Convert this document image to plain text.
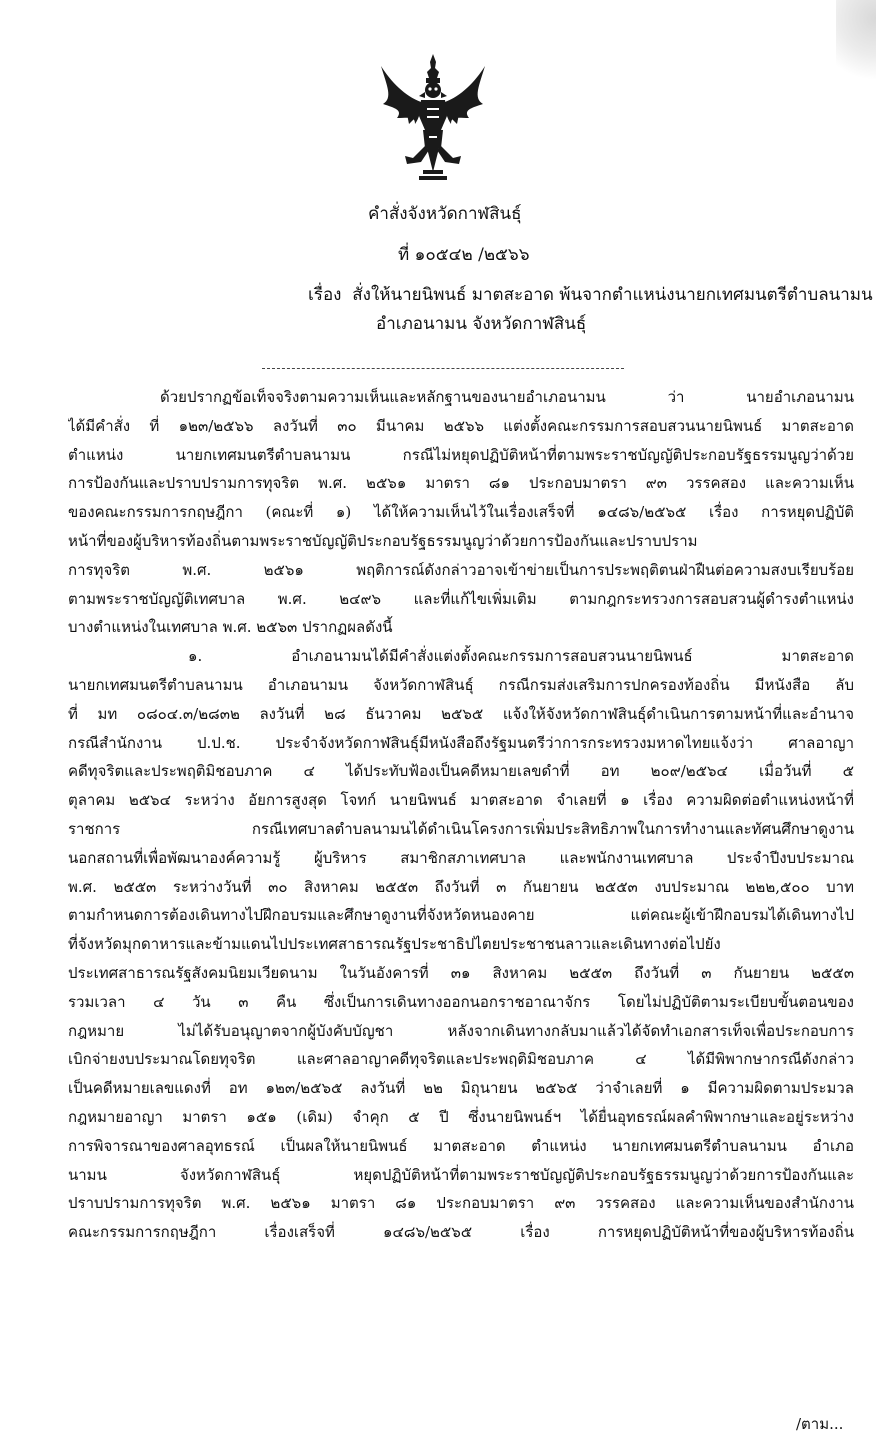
คำสั่งจังหวัดกาฬสินธุ์
ที่ ๑๐๕๔๒ /๒๕๖๖
เรื่อง สั่งให้นายนิพนธ์ มาตสะอาด พ้นจากตำแหน่งนายกเทศมนตรีตำบลนามน
อำเภอนามน จังหวัดกาฬสินธุ์
ด้วยปรากฏข้อเท็จจริงตามความเห็นและหลักฐานของนายอำเภอนามน ว่า นายอำเภอนามน
ได้มีคำสั่ง ที่ ๑๒๓/๒๕๖๖ ลงวันที่ ๓๐ มีนาคม ๒๕๖๖ แต่งตั้งคณะกรรมการสอบสวนนายนิพนธ์ มาตสะอาด
ตำแหน่ง นายกเทศมนตรีตำบลนามน กรณีไม่หยุดปฏิบัติหน้าที่ตามพระราชบัญญัติประกอบรัฐธรรมนูญว่าด้วย
การป้องกันและปราบปรามการทุจริต พ.ศ. ๒๕๖๑ มาตรา ๘๑ ประกอบมาตรา ๙๓ วรรคสอง และความเห็น
ของคณะกรรมการกฤษฎีกา (คณะที่ ๑) ได้ให้ความเห็นไว้ในเรื่องเสร็จที่ ๑๔๘๖/๒๕๖๕ เรื่อง การหยุดปฏิบัติ
หน้าที่ของผู้บริหารท้องถิ่นตามพระราชบัญญัติประกอบรัฐธรรมนูญว่าด้วยการป้องกันและปราบปราม
การทุจริต พ.ศ. ๒๕๖๑ พฤติการณ์ดังกล่าวอาจเข้าข่ายเป็นการประพฤติตนฝ่าฝืนต่อความสงบเรียบร้อย
ตามพระราชบัญญัติเทศบาล พ.ศ. ๒๔๙๖ และที่แก้ไขเพิ่มเติม ตามกฎกระทรวงการสอบสวนผู้ดำรงตำแหน่ง
บางตำแหน่งในเทศบาล พ.ศ. ๒๕๖๓ ปรากฏผลดังนี้
๑. อำเภอนามนได้มีคำสั่งแต่งตั้งคณะกรรมการสอบสวนนายนิพนธ์ มาตสะอาด
นายกเทศมนตรีตำบลนามน อำเภอนามน จังหวัดกาฬสินธุ์ กรณีกรมส่งเสริมการปกครองท้องถิ่น มีหนังสือ ลับ
ที่ มท ๐๘๐๔.๓/๒๘๓๒ ลงวันที่ ๒๘ ธันวาคม ๒๕๖๕ แจ้งให้จังหวัดกาฬสินธุ์ดำเนินการตามหน้าที่และอำนาจ
กรณีสำนักงาน ป.ป.ช. ประจำจังหวัดกาฬสินธุ์มีหนังสือถึงรัฐมนตรีว่าการกระทรวงมหาดไทยแจ้งว่า ศาลอาญา
คดีทุจริตและประพฤติมิชอบภาค ๔ ได้ประทับฟ้องเป็นคดีหมายเลขดำที่ อท ๒๐๙/๒๕๖๔ เมื่อวันที่ ๕
ตุลาคม ๒๕๖๔ ระหว่าง อัยการสูงสุด โจทก์ นายนิพนธ์ มาตสะอาด จำเลยที่ ๑ เรื่อง ความผิดต่อตำแหน่งหน้าที่
ราชการ กรณีเทศบาลตำบลนามนได้ดำเนินโครงการเพิ่มประสิทธิภาพในการทำงานและทัศนศึกษาดูงาน
นอกสถานที่เพื่อพัฒนาองค์ความรู้ ผู้บริหาร สมาชิกสภาเทศบาล และพนักงานเทศบาล ประจำปีงบประมาณ
พ.ศ. ๒๕๕๓ ระหว่างวันที่ ๓๐ สิงหาคม ๒๕๕๓ ถึงวันที่ ๓ กันยายน ๒๕๕๓ งบประมาณ ๒๒๒,๕๐๐ บาท
ตามกำหนดการต้องเดินทางไปฝึกอบรมและศึกษาดูงานที่จังหวัดหนองคาย แต่คณะผู้เข้าฝึกอบรมได้เดินทางไป
ที่จังหวัดมุกดาหารและข้ามแดนไปประเทศสาธารณรัฐประชาธิปไตยประชาชนลาวและเดินทางต่อไปยัง
ประเทศสาธารณรัฐสังคมนิยมเวียดนาม ในวันอังคารที่ ๓๑ สิงหาคม ๒๕๕๓ ถึงวันที่ ๓ กันยายน ๒๕๕๓
รวมเวลา ๔ วัน ๓ คืน ซึ่งเป็นการเดินทางออกนอกราชอาณาจักร โดยไม่ปฏิบัติตามระเบียบขั้นตอนของ
กฎหมาย ไม่ได้รับอนุญาตจากผู้บังคับบัญชา หลังจากเดินทางกลับมาแล้วได้จัดทำเอกสารเท็จเพื่อประกอบการ
เบิกจ่ายงบประมาณโดยทุจริต และศาลอาญาคดีทุจริตและประพฤติมิชอบภาค ๔ ได้มีพิพากษากรณีดังกล่าว
เป็นคดีหมายเลขแดงที่ อท ๑๒๓/๒๕๖๕ ลงวันที่ ๒๒ มิถุนายน ๒๕๖๕ ว่าจำเลยที่ ๑ มีความผิดตามประมวล
กฎหมายอาญา มาตรา ๑๕๑ (เดิม) จำคุก ๕ ปี ซึ่งนายนิพนธ์ฯ ได้ยื่นอุทธรณ์ผลคำพิพากษาและอยู่ระหว่าง
การพิจารณาของศาลอุทธรณ์ เป็นผลให้นายนิพนธ์ มาตสะอาด ตำแหน่ง นายกเทศมนตรีตำบลนามน อำเภอ
นามน จังหวัดกาฬสินธุ์ หยุดปฏิบัติหน้าที่ตามพระราชบัญญัติประกอบรัฐธรรมนูญว่าด้วยการป้องกันและ
ปราบปรามการทุจริต พ.ศ. ๒๕๖๑ มาตรา ๘๑ ประกอบมาตรา ๙๓ วรรคสอง และความเห็นของสำนักงาน
คณะกรรมการกฤษฎีกา เรื่องเสร็จที่ ๑๔๘๖/๒๕๖๕ เรื่อง การหยุดปฏิบัติหน้าที่ของผู้บริหารท้องถิ่น
/ตาม...
